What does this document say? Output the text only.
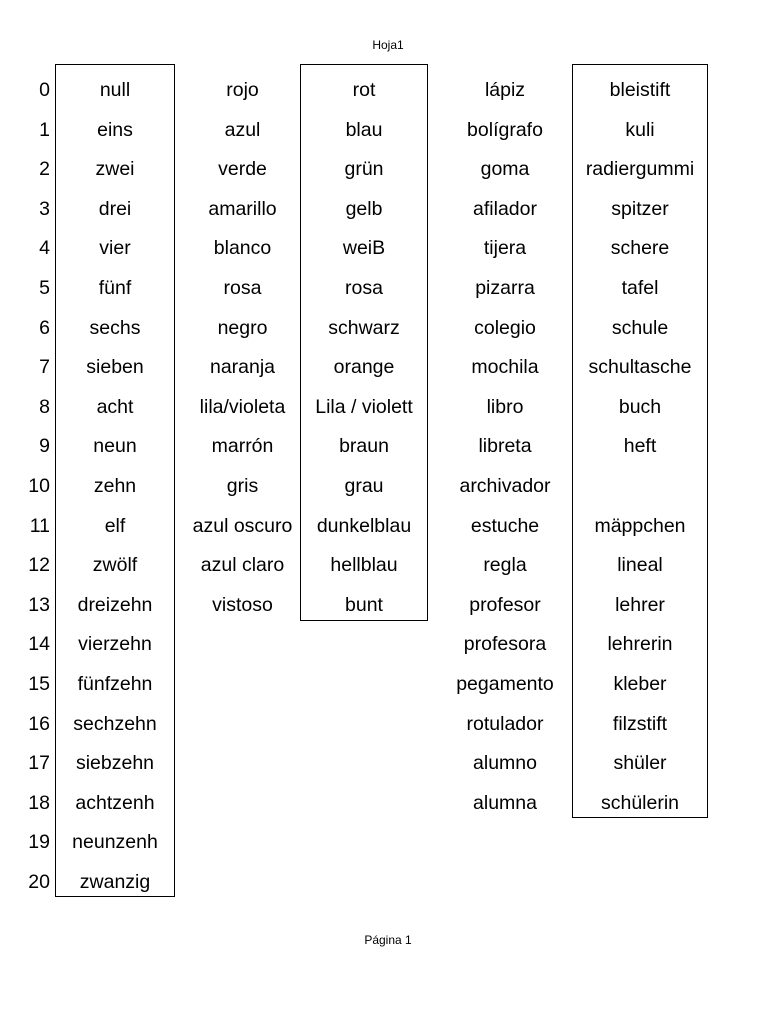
Hoja1
0
1
2
3
4
5
6
7
8
9
10
11
12
13
14
15
16
17
18
19
20
null
eins
zwei
drei
vier
fünf
sechs
sieben
acht
neun
zehn
elf
zwölf
dreizehn
vierzehn
fünfzehn
sechzehn
siebzehn
achtzenh
neunzenh
zwanzig
rojo
azul
verde
amarillo
blanco
rosa
negro
naranja
lila/violeta
marrón
gris
azul oscuro
azul claro
vistoso
rot
blau
grün
gelb
weiB
rosa
schwarz
orange
Lila / violett
braun
grau
dunkelblau
hellblau
bunt
lápiz
bolígrafo
goma
afilador
tijera
pizarra
colegio
mochila
libro
libreta
archivador
estuche
regla
profesor
profesora
pegamento
rotulador
alumno
alumna
bleistift
kuli
radiergummi
spitzer
schere
tafel
schule
schultasche
buch
heft
mäppchen
lineal
lehrer
lehrerin
kleber
filzstift
shüler
schülerin
Página 1
